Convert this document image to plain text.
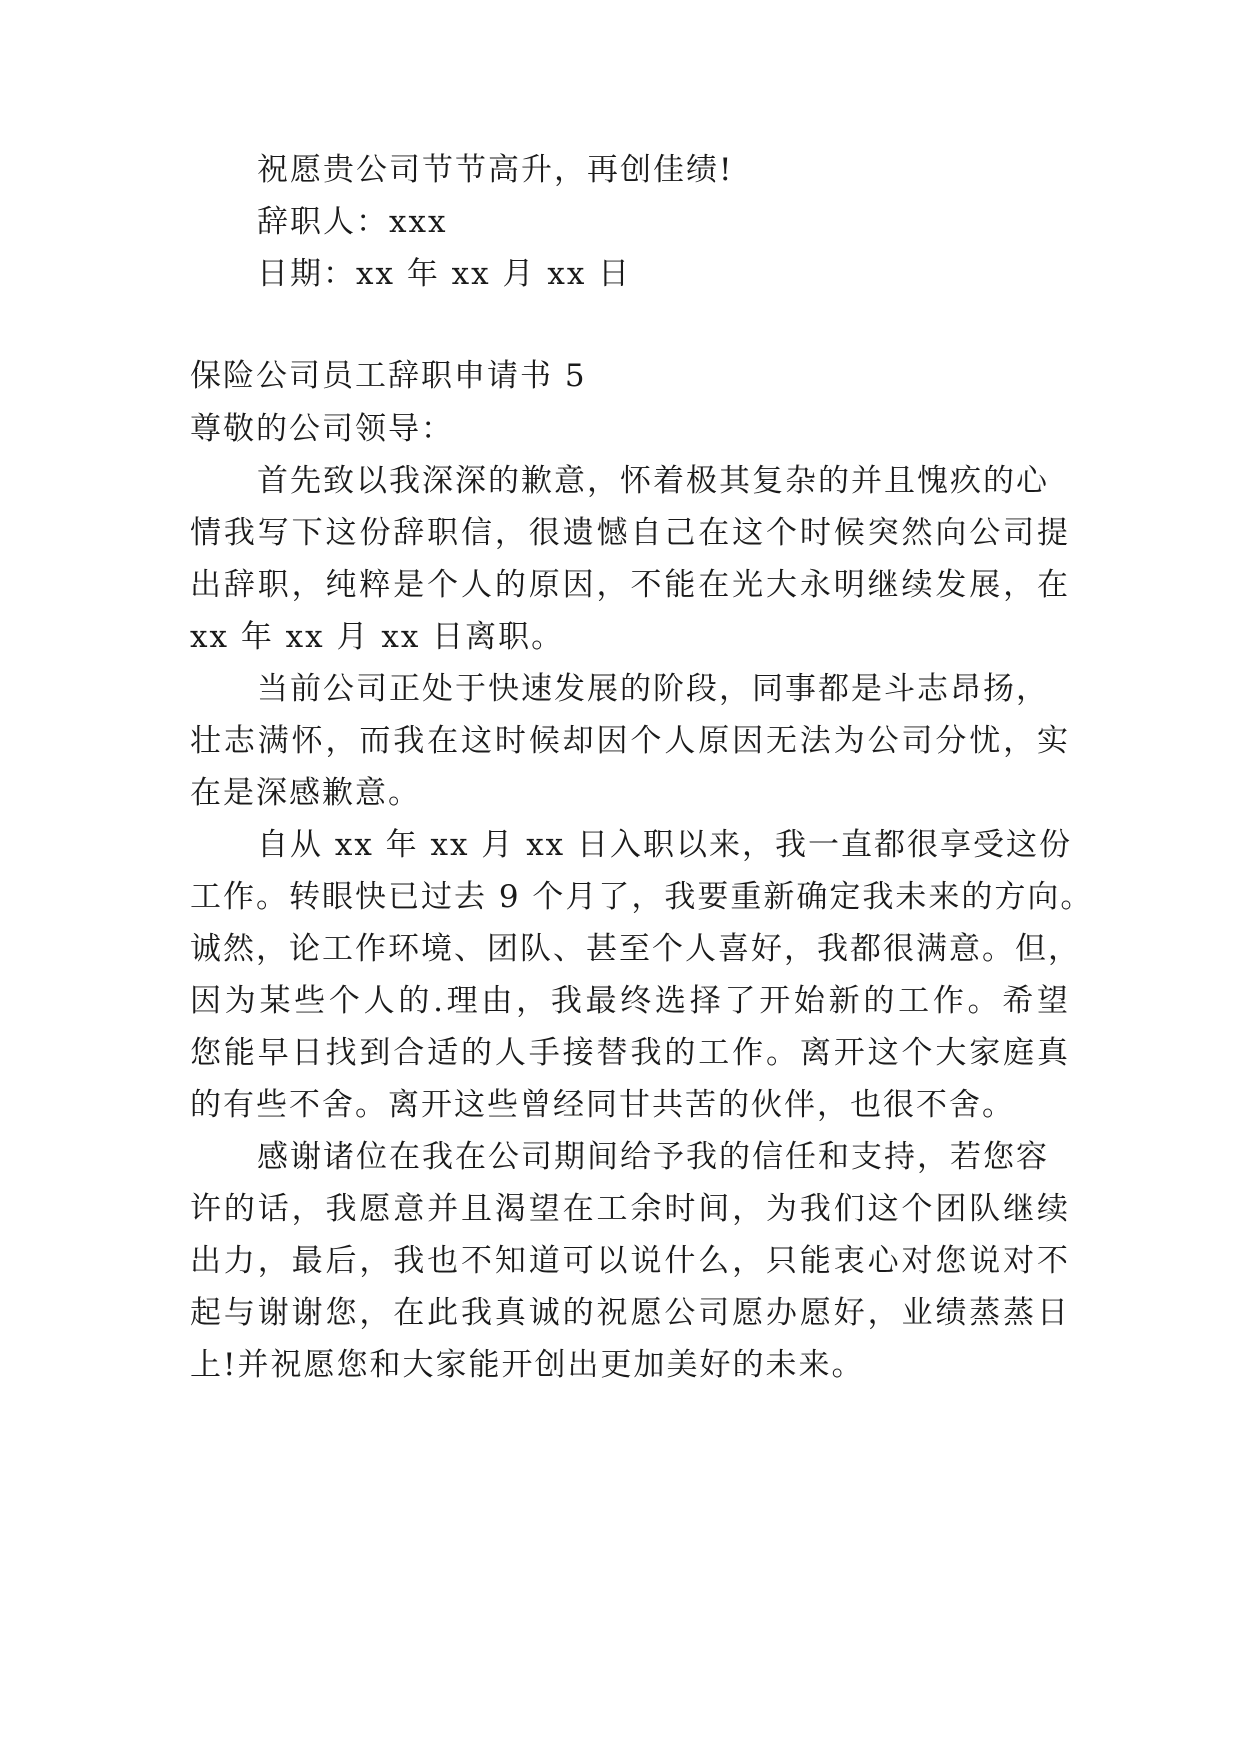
祝愿贵公司节节高升，再创佳绩!
辞职人：xxx
日期：xx 年 xx 月 xx 日
保险公司员工辞职申请书 5
尊敬的公司领导：
首先致以我深深的歉意，怀着极其复杂的并且愧疚的心
情我写下这份辞职信，很遗憾自己在这个时候突然向公司提
出辞职，纯粹是个人的原因，不能在光大永明继续发展，在
xx 年 xx 月 xx 日离职。
当前公司正处于快速发展的阶段，同事都是斗志昂扬，
壮志满怀，而我在这时候却因个人原因无法为公司分忧，实
在是深感歉意。
自从 xx 年 xx 月 xx 日入职以来，我一直都很享受这份
工作。转眼快已过去 9 个月了，我要重新确定我未来的方向。
诚然，论工作环境、团队、甚至个人喜好，我都很满意。但，
因为某些个人的.理由，我最终选择了开始新的工作。希望
您能早日找到合适的人手接替我的工作。离开这个大家庭真
的有些不舍。离开这些曾经同甘共苦的伙伴，也很不舍。
感谢诸位在我在公司期间给予我的信任和支持，若您容
许的话，我愿意并且渴望在工余时间，为我们这个团队继续
出力，最后，我也不知道可以说什么，只能衷心对您说对不
起与谢谢您，在此我真诚的祝愿公司愿办愿好，业绩蒸蒸日
上!并祝愿您和大家能开创出更加美好的未来。
